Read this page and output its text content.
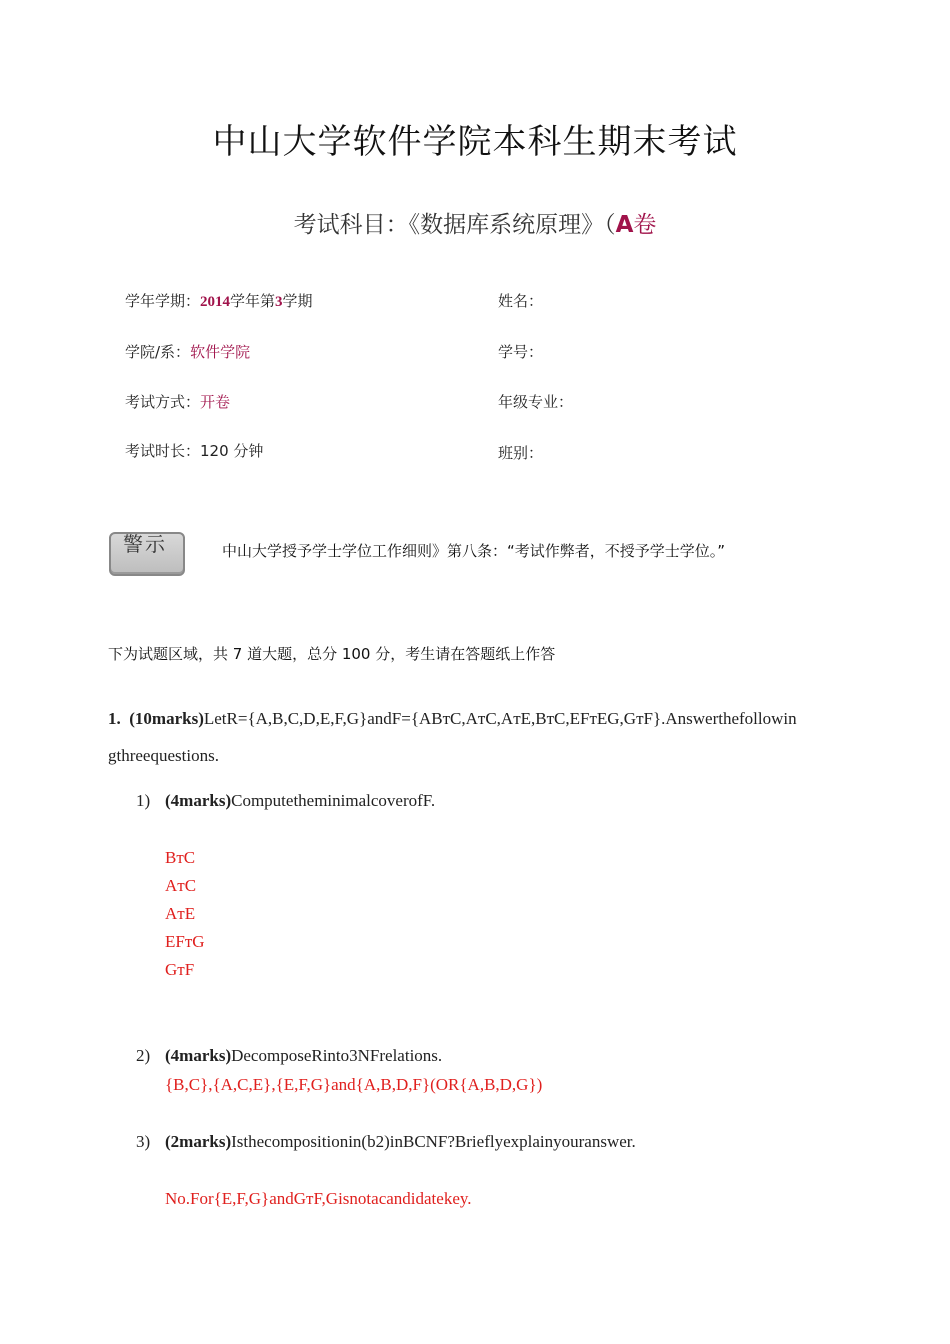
中山大学软件学院本科生期末考试
考试科目：《数据库系统原理》（A卷
学年学期：2014学年第3学期
学院/系：软件学院
考试方式：开卷
考试时长：120 分钟
姓名：
学号：
年级专业：
班别：
警示	中山大学授予学士学位工作细则》第八条：“考试作弊者，不授予学士学位。”
下为试题区域，共 7 道大题，总分 100 分，考生请在答题纸上作答
1. (10marks)LetR={A,B,C,D,E,F,G}andF={ABᴛC,AᴛC,AᴛE,BᴛC,EFᴛEG,GᴛF}.Answerthefollowin
gthreequestions.
1) (4marks)ComputetheminimalcoverofF.
BᴛC
AᴛC
AᴛE
EFᴛG
GᴛF
2) (4marks)DecomposeRinto3NFrelations.
{B,C},{A,C,E},{E,F,G}and{A,B,D,F}(OR{A,B,D,G})
3) (2marks)Isthecompositionin(b2)inBCNF?Brieflyexplainyouranswer.
No.For{E,F,G}andGᴛF,Gisnotacandidatekey.
